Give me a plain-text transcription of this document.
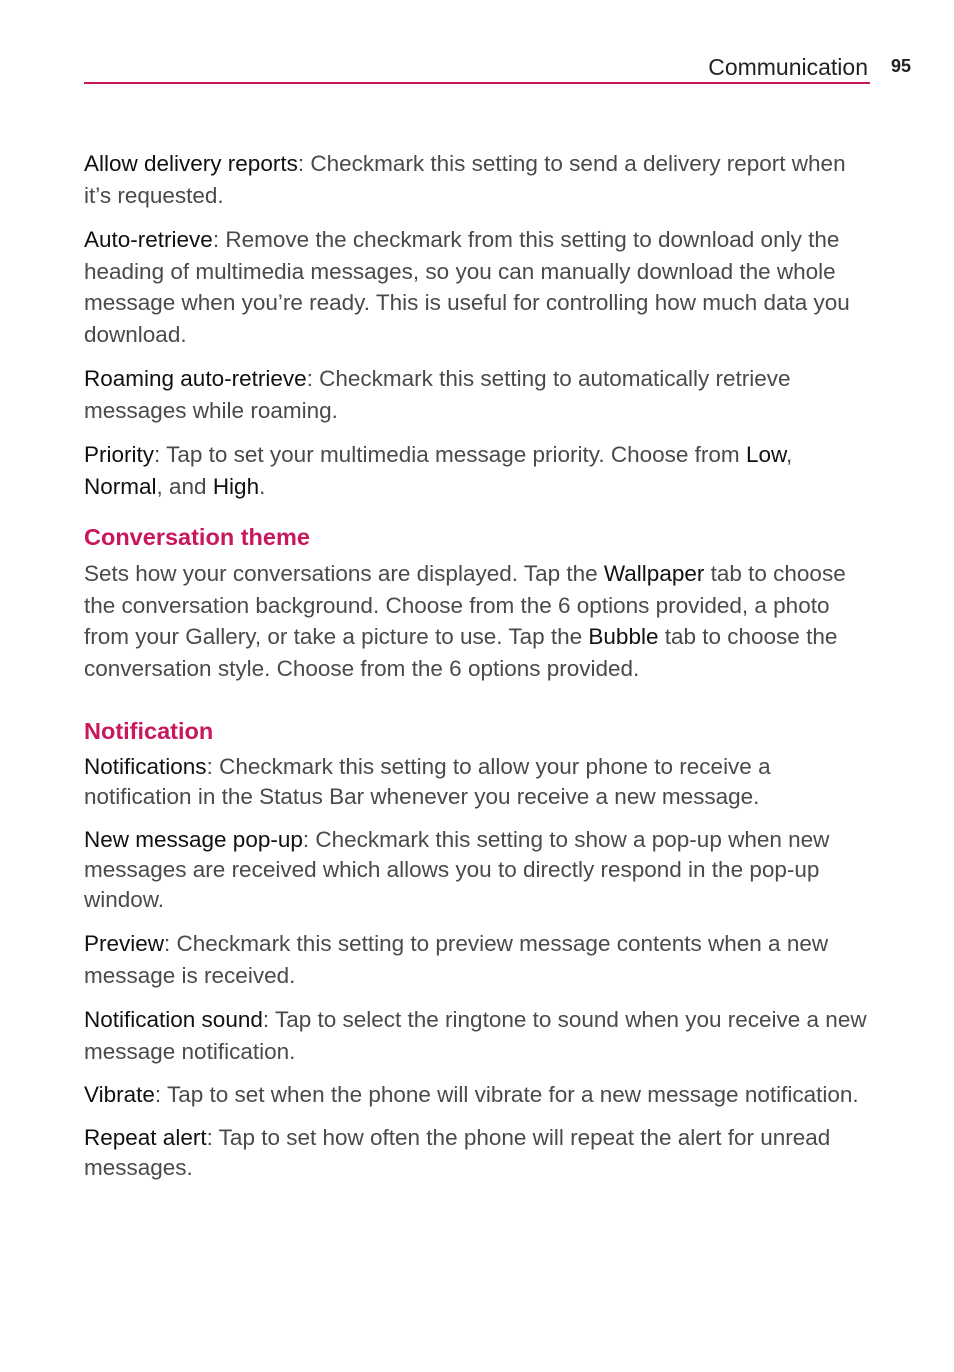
Communication 95

Allow delivery reports: Checkmark this setting to send a delivery report when it’s requested.

Auto-retrieve: Remove the checkmark from this setting to download only the heading of multimedia messages, so you can manually download the whole message when you’re ready. This is useful for controlling how much data you download.

Roaming auto-retrieve: Checkmark this setting to automatically retrieve messages while roaming.

Priority: Tap to set your multimedia message priority. Choose from Low, Normal, and High.

Conversation theme

Sets how your conversations are displayed. Tap the Wallpaper tab to choose the conversation background. Choose from the 6 options provided, a photo from your Gallery, or take a picture to use. Tap the Bubble tab to choose the conversation style. Choose from the 6 options provided.

Notification

Notifications: Checkmark this setting to allow your phone to receive a notification in the Status Bar whenever you receive a new message.

New message pop-up: Checkmark this setting to show a pop-up when new messages are received which allows you to directly respond in the pop-up window.

Preview: Checkmark this setting to preview message contents when a new message is received.

Notification sound: Tap to select the ringtone to sound when you receive a new message notification.

Vibrate: Tap to set when the phone will vibrate for a new message notification.

Repeat alert: Tap to set how often the phone will repeat the alert for unread messages.
